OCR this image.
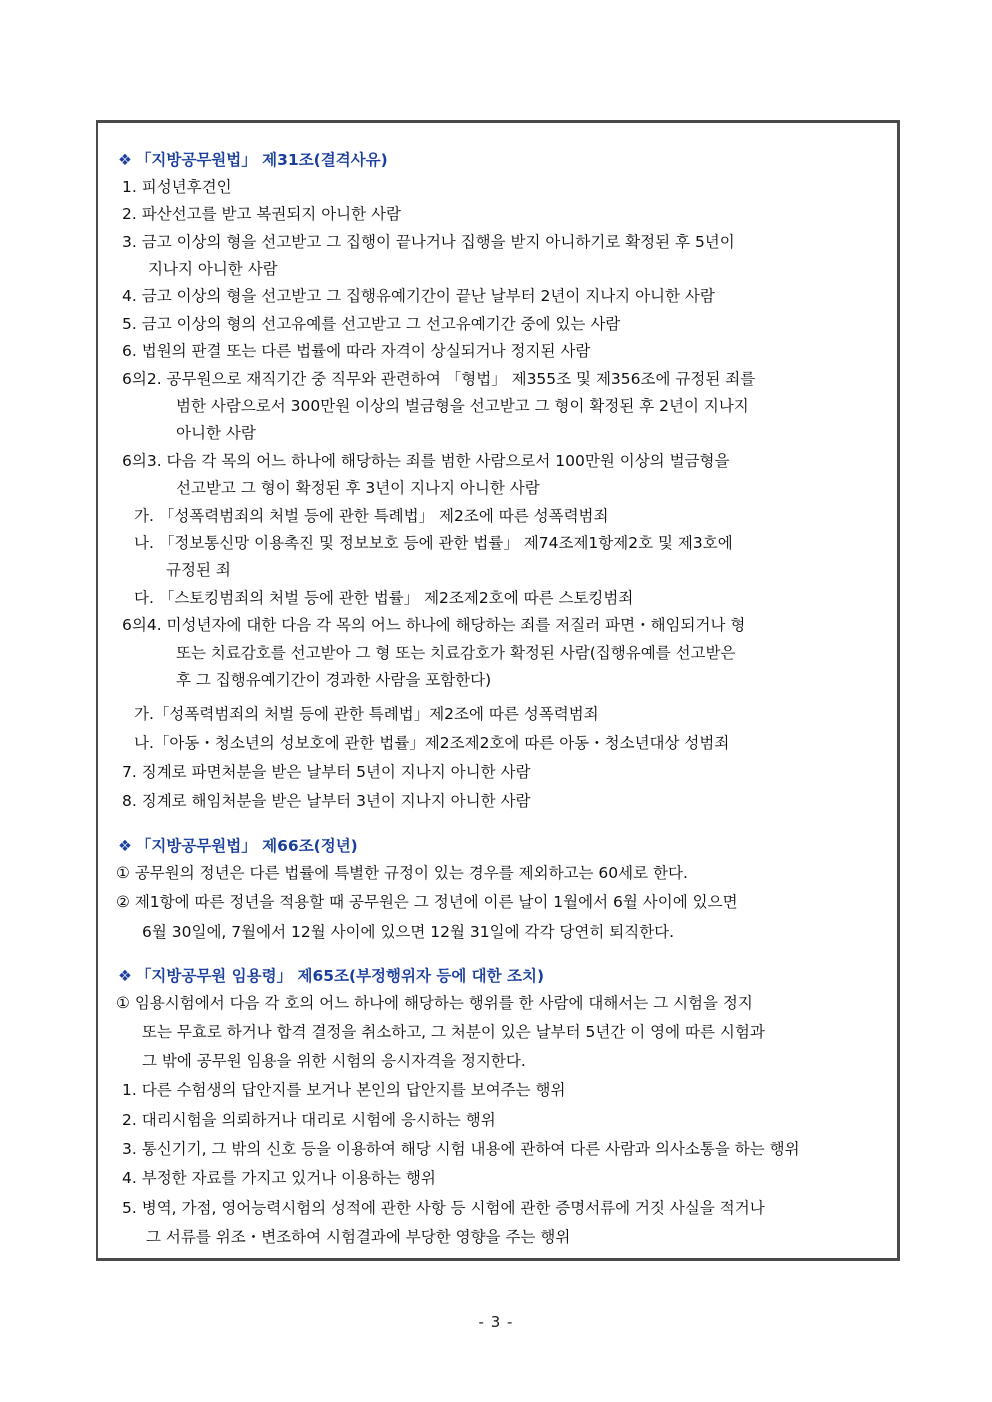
❖ 「지방공무원법」 제31조(결격사유)
1. 피성년후견인
2. 파산선고를 받고 복권되지 아니한 사람
3. 금고 이상의 형을 선고받고 그 집행이 끝나거나 집행을 받지 아니하기로 확정된 후 5년이
지나지 아니한 사람
4. 금고 이상의 형을 선고받고 그 집행유예기간이 끝난 날부터 2년이 지나지 아니한 사람
5. 금고 이상의 형의 선고유예를 선고받고 그 선고유예기간 중에 있는 사람
6. 법원의 판결 또는 다른 법률에 따라 자격이 상실되거나 정지된 사람
6의2. 공무원으로 재직기간 중 직무와 관련하여 「형법」 제355조 및 제356조에 규정된 죄를
범한 사람으로서 300만원 이상의 벌금형을 선고받고 그 형이 확정된 후 2년이 지나지
아니한 사람
6의3. 다음 각 목의 어느 하나에 해당하는 죄를 범한 사람으로서 100만원 이상의 벌금형을
선고받고 그 형이 확정된 후 3년이 지나지 아니한 사람
가. 「성폭력범죄의 처벌 등에 관한 특례법」 제2조에 따른 성폭력범죄
나. 「정보통신망 이용촉진 및 정보보호 등에 관한 법률」 제74조제1항제2호 및 제3호에
규정된 죄
다. 「스토킹범죄의 처벌 등에 관한 법률」 제2조제2호에 따른 스토킹범죄
6의4. 미성년자에 대한 다음 각 목의 어느 하나에 해당하는 죄를 저질러 파면・해임되거나 형
또는 치료감호를 선고받아 그 형 또는 치료감호가 확정된 사람(집행유예를 선고받은
후 그 집행유예기간이 경과한 사람을 포함한다)
가.「성폭력범죄의 처벌 등에 관한 특례법」제2조에 따른 성폭력범죄
나.「아동・청소년의 성보호에 관한 법률」제2조제2호에 따른 아동・청소년대상 성범죄
7. 징계로 파면처분을 받은 날부터 5년이 지나지 아니한 사람
8. 징계로 해임처분을 받은 날부터 3년이 지나지 아니한 사람
❖ 「지방공무원법」 제66조(정년)
① 공무원의 정년은 다른 법률에 특별한 규정이 있는 경우를 제외하고는 60세로 한다.
② 제1항에 따른 정년을 적용할 때 공무원은 그 정년에 이른 날이 1월에서 6월 사이에 있으면
6월 30일에, 7월에서 12월 사이에 있으면 12월 31일에 각각 당연히 퇴직한다.
❖ 「지방공무원 임용령」 제65조(부정행위자 등에 대한 조치)
① 임용시험에서 다음 각 호의 어느 하나에 해당하는 행위를 한 사람에 대해서는 그 시험을 정지
또는 무효로 하거나 합격 결정을 취소하고, 그 처분이 있은 날부터 5년간 이 영에 따른 시험과
그 밖에 공무원 임용을 위한 시험의 응시자격을 정지한다.
1. 다른 수험생의 답안지를 보거나 본인의 답안지를 보여주는 행위
2. 대리시험을 의뢰하거나 대리로 시험에 응시하는 행위
3. 통신기기, 그 밖의 신호 등을 이용하여 해당 시험 내용에 관하여 다른 사람과 의사소통을 하는 행위
4. 부정한 자료를 가지고 있거나 이용하는 행위
5. 병역, 가점, 영어능력시험의 성적에 관한 사항 등 시험에 관한 증명서류에 거짓 사실을 적거나
그 서류를 위조・변조하여 시험결과에 부당한 영향을 주는 행위
- 3 -
